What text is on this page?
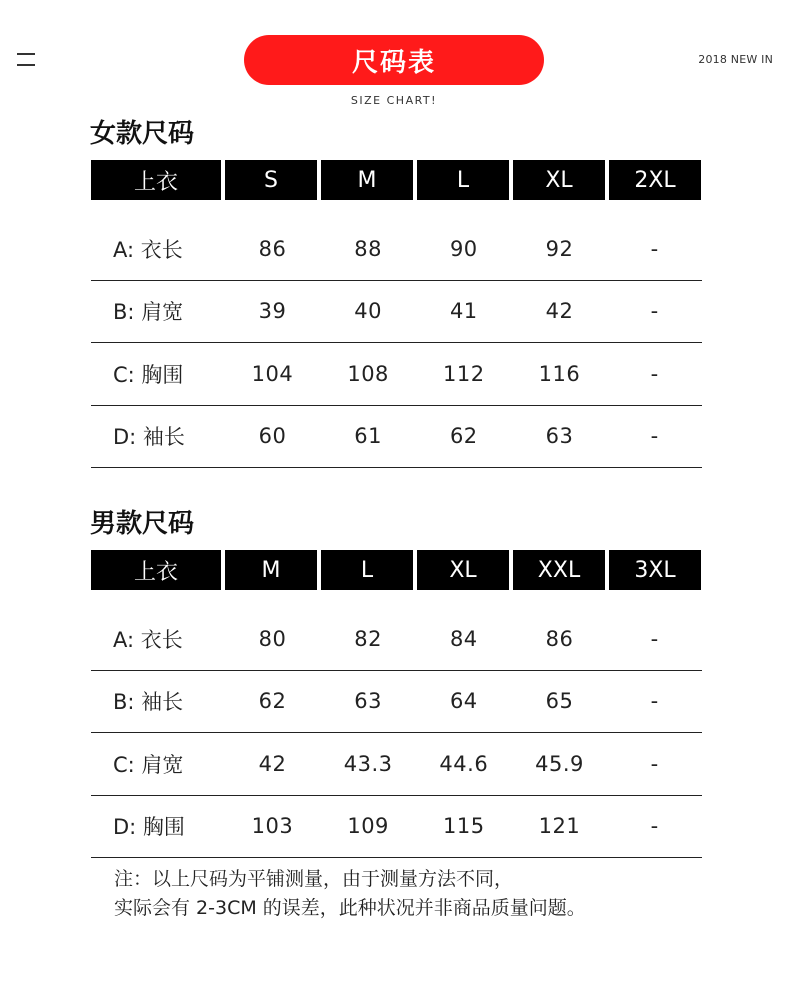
2018 NEW IN
尺码表
SIZE CHART!
女款尺码
上衣	S	M	L	XL	2XL
A: 衣长	86	88	90	92	-
B: 肩宽	39	40	41	42	-
C: 胸围	104	108	112	116	-
D: 袖长	60	61	62	63	-
男款尺码
上衣	M	L	XL	XXL	3XL
A: 衣长	80	82	84	86	-
B: 袖长	62	63	64	65	-
C: 肩宽	42	43.3	44.6	45.9	-
D: 胸围	103	109	115	121	-
注：以上尺码为平铺测量，由于测量方法不同，
实际会有 2-3CM 的误差，此种状况并非商品质量问题。
